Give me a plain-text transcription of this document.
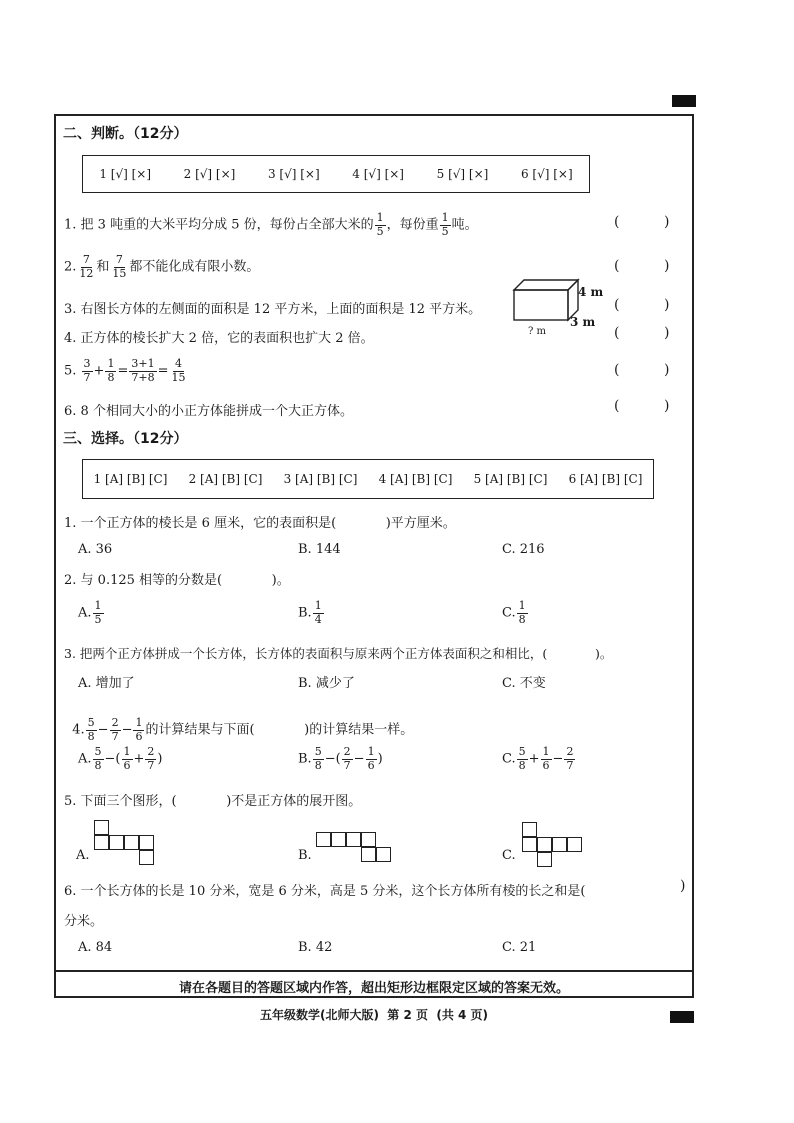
二、判断。（12分）
1 [√] [×]	2 [√] [×]	3 [√] [×]	4 [√] [×]	5 [√] [×]	6 [√] [×]
1. 把 3 吨重的大米平均分成 5 份，每份占全部大米的 $\frac{1}{5}$ ，每份重 $\frac{1}{5}$ 吨。	(          )
2. $\frac{7}{12}$ 和 $\frac{7}{15}$ 都不能化成有限小数。	(          )
3. 右图长方体的左侧面的面积是 12 平方米，上面的面积是 12 平方米。	(          )
4 m
3 m
? m
4. 正方体的棱长扩大 2 倍，它的表面积也扩大 2 倍。	(          )
5. $\frac{3}{7} + \frac{1}{8} = \frac{3+1}{7+8} = \frac{4}{15}$	(          )
6. 8 个相同大小的小正方体能拼成一个大正方体。	(          )
三、选择。（12分）
1 [A] [B] [C] 2 [A] [B] [C] 3 [A] [B] [C] 4 [A] [B] [C] 5 [A] [B] [C] 6 [A] [B] [C]
1. 一个正方体的棱长是 6 厘米，它的表面积是(            )平方厘米。
A. 36	B. 144	C. 216
2. 与 0.125 相等的分数是(            )。
A. $\frac{1}{5}$	B. $\frac{1}{4}$	C. $\frac{1}{8}$
3. 把两个正方体拼成一个长方体，长方体的表面积与原来两个正方体表面积之和相比，(            )。
A. 增加了	B. 减少了	C. 不变

4. $\frac{5}{8} - \frac{2}{7} - \frac{1}{6}$ 的计算结果与下面(            )的计算结果一样。

A. $\frac{5}{8}$ −( $\frac{1}{6} + \frac{2}{7}$ )	B. $\frac{5}{8}$ −( $\frac{2}{7} - \frac{1}{6}$ )	C. $\frac{5}{8} + \frac{1}{6} - \frac{2}{7}$
5. 下面三个图形，(            )不是正方体的展开图。
A.	B.	C.
6. 一个长方体的长是 10 分米，宽是 6 分米，高是 5 分米，这个长方体所有棱的长之和是(	)
分米。
A. 84	B. 42	C. 21
请在各题目的答题区域内作答，超出矩形边框限定区域的答案无效。
五年级数学(北师大版)  第 2 页  (共 4 页)
